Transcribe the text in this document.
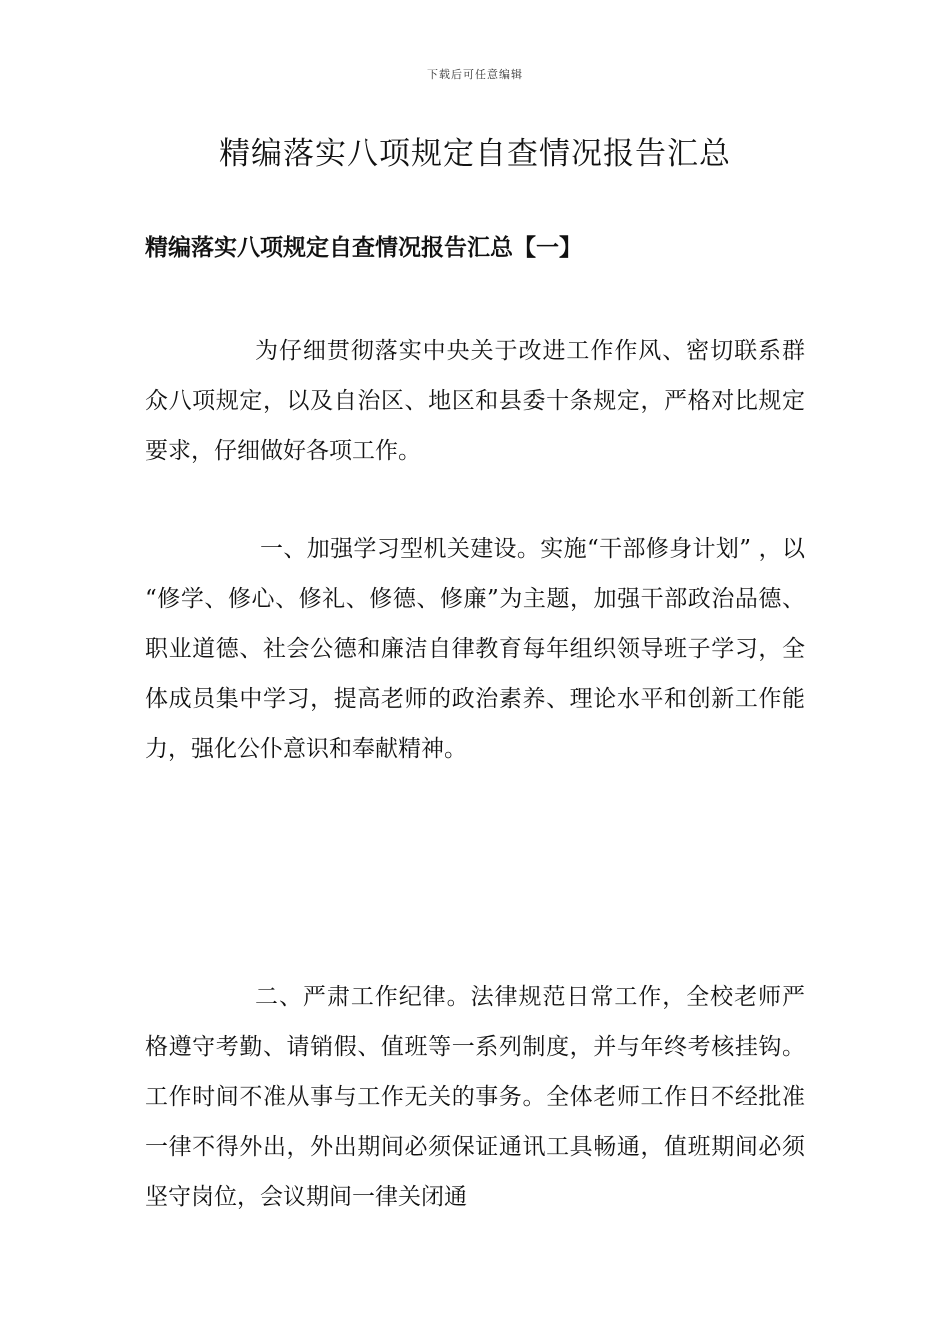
下载后可任意编辑
精编落实八项规定自查情况报告汇总
精编落实八项规定自查情况报告汇总【一】

为仔细贯彻落实中央关于改进工作作风、密切联系群众八项规定，以及自治区、地区和县委十条规定，严格对比规定要求，仔细做好各项工作。

一、加强学习型机关建设。实施“干部修身计划” ，以 “修学、修心、修礼、修德、修廉”为主题，加强干部政治品德、职业道德、社会公德和廉洁自律教育每年组织领导班子学习，全体成员集中学习，提高老师的政治素养、理论水平和创新工作能力，强化公仆意识和奉献精神。

二、严肃工作纪律。法律规范日常工作，全校老师严格遵守考勤、请销假、值班等一系列制度，并与年终考核挂钩。工作时间不准从事与工作无关的事务。全体老师工作日不经批准一律不得外出，外出期间必须保证通讯工具畅通，值班期间必须坚守岗位，会议期间一律关闭通
